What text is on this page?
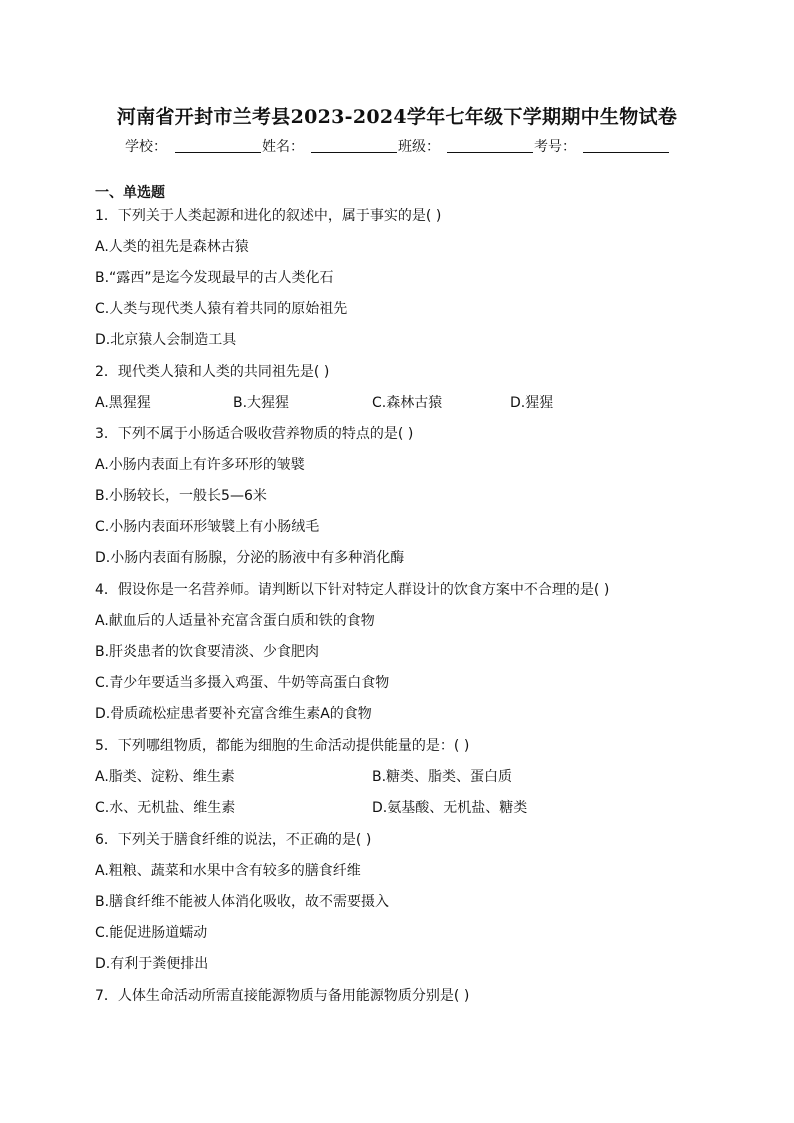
河南省开封市兰考县2023-2024学年七年级下学期期中生物试卷
学校：	姓名：	班级：	考号：
一、单选题
1．下列关于人类起源和进化的叙述中，属于事实的是( )
A.人类的祖先是森林古猿
B.“露西”是迄今发现最早的古人类化石
C.人类与现代类人猿有着共同的原始祖先
D.北京猿人会制造工具
2．现代类人猿和人类的共同祖先是( )
A.黑猩猩	B.大猩猩	C.森林古猿	D.猩猩
3．下列不属于小肠适合吸收营养物质的特点的是( )
A.小肠内表面上有许多环形的皱襞
B.小肠较长，一般长5—6米
C.小肠内表面环形皱襞上有小肠绒毛
D.小肠内表面有肠腺，分泌的肠液中有多种消化酶
4．假设你是一名营养师。请判断以下针对特定人群设计的饮食方案中不合理的是( )
A.献血后的人适量补充富含蛋白质和铁的食物
B.肝炎患者的饮食要清淡、少食肥肉
C.青少年要适当多摄入鸡蛋、牛奶等高蛋白食物
D.骨质疏松症患者要补充富含维生素A的食物
5．下列哪组物质，都能为细胞的生命活动提供能量的是：( )
A.脂类、淀粉、维生素	B.糖类、脂类、蛋白质
C.水、无机盐、维生素	D.氨基酸、无机盐、糖类
6．下列关于膳食纤维的说法，不正确的是( )
A.粗粮、蔬菜和水果中含有较多的膳食纤维
B.膳食纤维不能被人体消化吸收，故不需要摄入
C.能促进肠道蠕动
D.有利于粪便排出
7．人体生命活动所需直接能源物质与备用能源物质分别是( )
